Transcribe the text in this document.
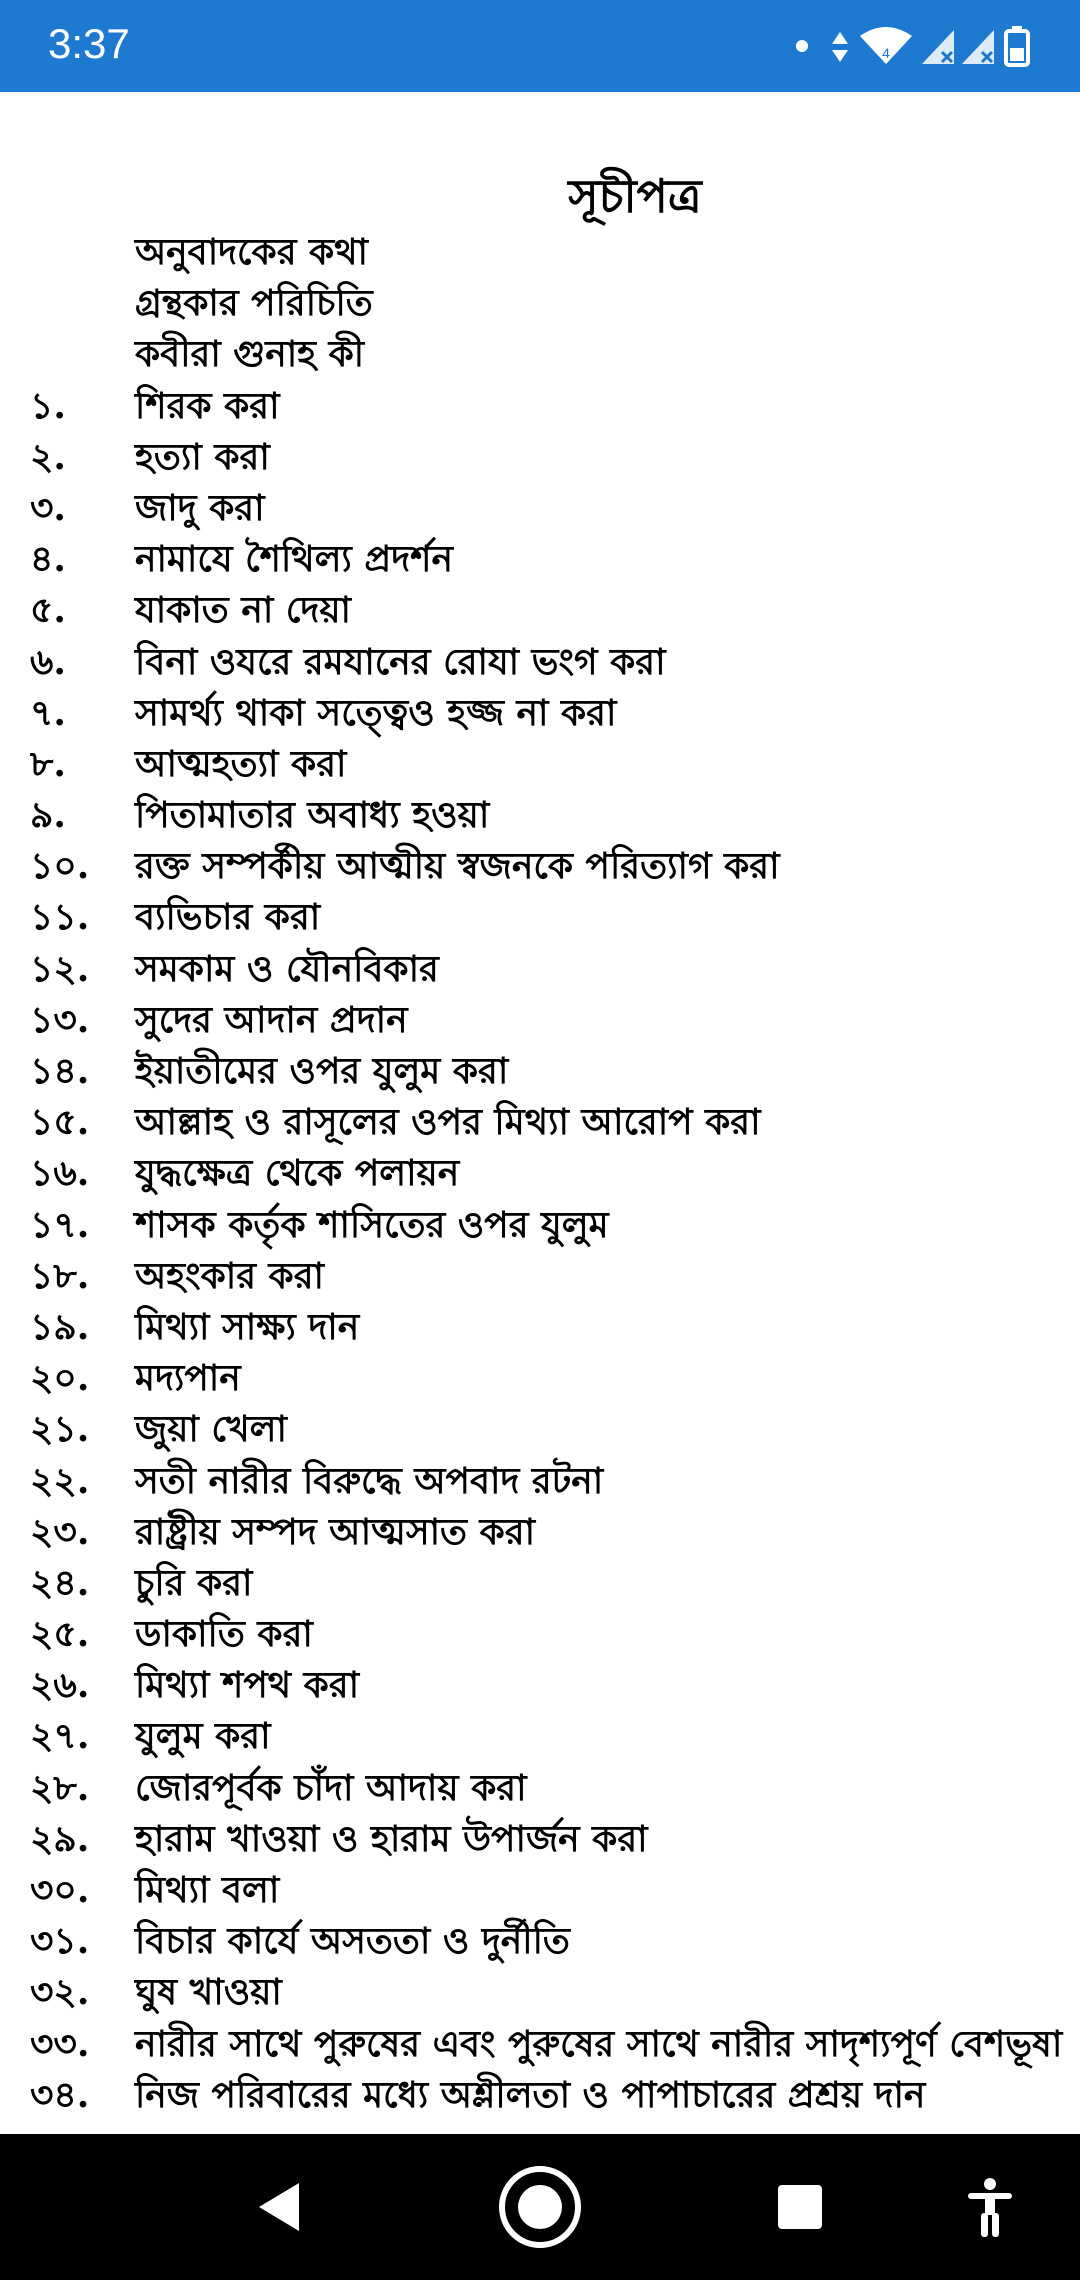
3:37	4
সূচীপত্র
অনুবাদকের কথা
গ্রন্থকার পরিচিতি
কবীরা গুনাহ কী
১. শিরক করা
২. হত্যা করা
৩. জাদু করা
৪. নামাযে শৈথিল্য প্রদর্শন
৫. যাকাত না দেয়া
৬. বিনা ওযরে রমযানের রোযা ভংগ করা
৭. সামর্থ্য থাকা সত্ত্বেও হজ্জ না করা
৮. আত্মহত্যা করা
৯. পিতামাতার অবাধ্য হওয়া
১০. রক্ত সম্পর্কীয় আত্মীয় স্বজনকে পরিত্যাগ করা
১১. ব্যভিচার করা
১২. সমকাম ও যৌনবিকার
১৩. সুদের আদান প্রদান
১৪. ইয়াতীমের ওপর যুলুম করা
১৫. আল্লাহ ও রাসূলের ওপর মিথ্যা আরোপ করা
১৬. যুদ্ধক্ষেত্র থেকে পলায়ন
১৭. শাসক কর্তৃক শাসিতের ওপর যুলুম
১৮. অহংকার করা
১৯. মিথ্যা সাক্ষ্য দান
২০. মদ্যপান
২১. জুয়া খেলা
২২. সতী নারীর বিরুদ্ধে অপবাদ রটনা
২৩. রাষ্ট্রীয় সম্পদ আত্মসাত করা
২৪. চুরি করা
২৫. ডাকাতি করা
২৬. মিথ্যা শপথ করা
২৭. যুলুম করা
২৮. জোরপূর্বক চাঁদা আদায় করা
২৯. হারাম খাওয়া ও হারাম উপার্জন করা
৩০. মিথ্যা বলা
৩১. বিচার কার্যে অসততা ও দুর্নীতি
৩২. ঘুষ খাওয়া
৩৩. নারীর সাথে পুরুষের এবং পুরুষের সাথে নারীর সাদৃশ্যপূর্ণ বেশভূষা
৩৪. নিজ পরিবারের মধ্যে অশ্লীলতা ও পাপাচারের প্রশ্রয় দান
